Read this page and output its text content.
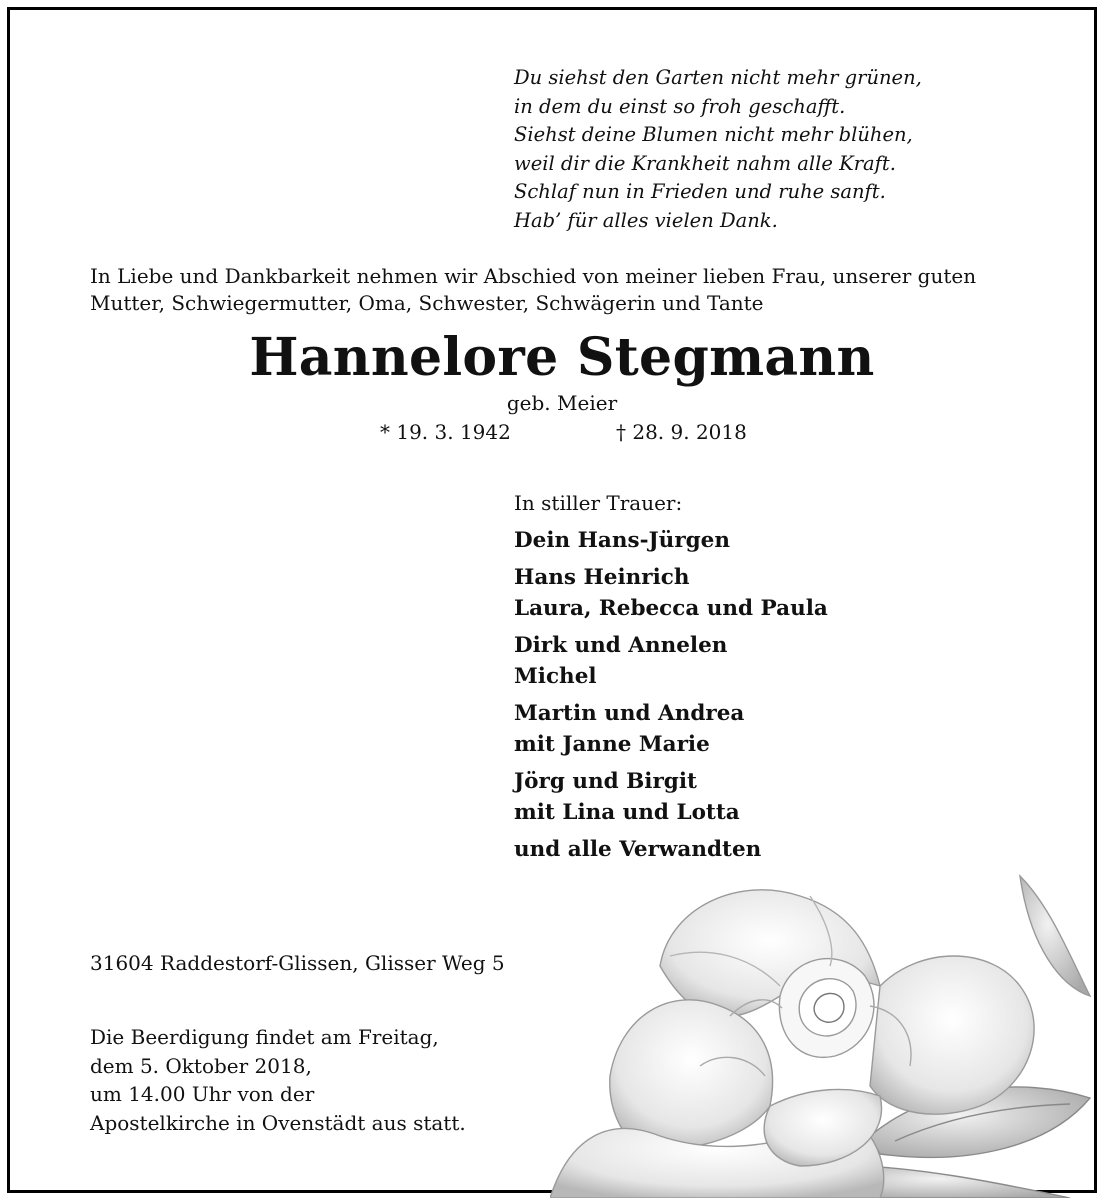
Du siehst den Garten nicht mehr grünen,
in dem du einst so froh geschafft.
Siehst deine Blumen nicht mehr blühen,
weil dir die Krankheit nahm alle Kraft.
Schlaf nun in Frieden und ruhe sanft.
Hab’ für alles vielen Dank.
In Liebe und Dankbarkeit nehmen wir Abschied von meiner lieben Frau, unserer guten
Mutter, Schwiegermutter, Oma, Schwester, Schwägerin und Tante
Hannelore Stegmann
geb. Meier
* 19. 3. 1942	† 28. 9. 2018
In stiller Trauer:
Dein Hans-Jürgen
Hans Heinrich
Laura, Rebecca und Paula
Dirk und Annelen
Michel
Martin und Andrea
mit Janne Marie
Jörg und Birgit
mit Lina und Lotta
und alle Verwandten
31604 Raddestorf-Glissen, Glisser Weg 5
Die Beerdigung findet am Freitag,
dem 5. Oktober 2018,
um 14.00 Uhr von der
Apostelkirche in Ovenstädt aus statt.
